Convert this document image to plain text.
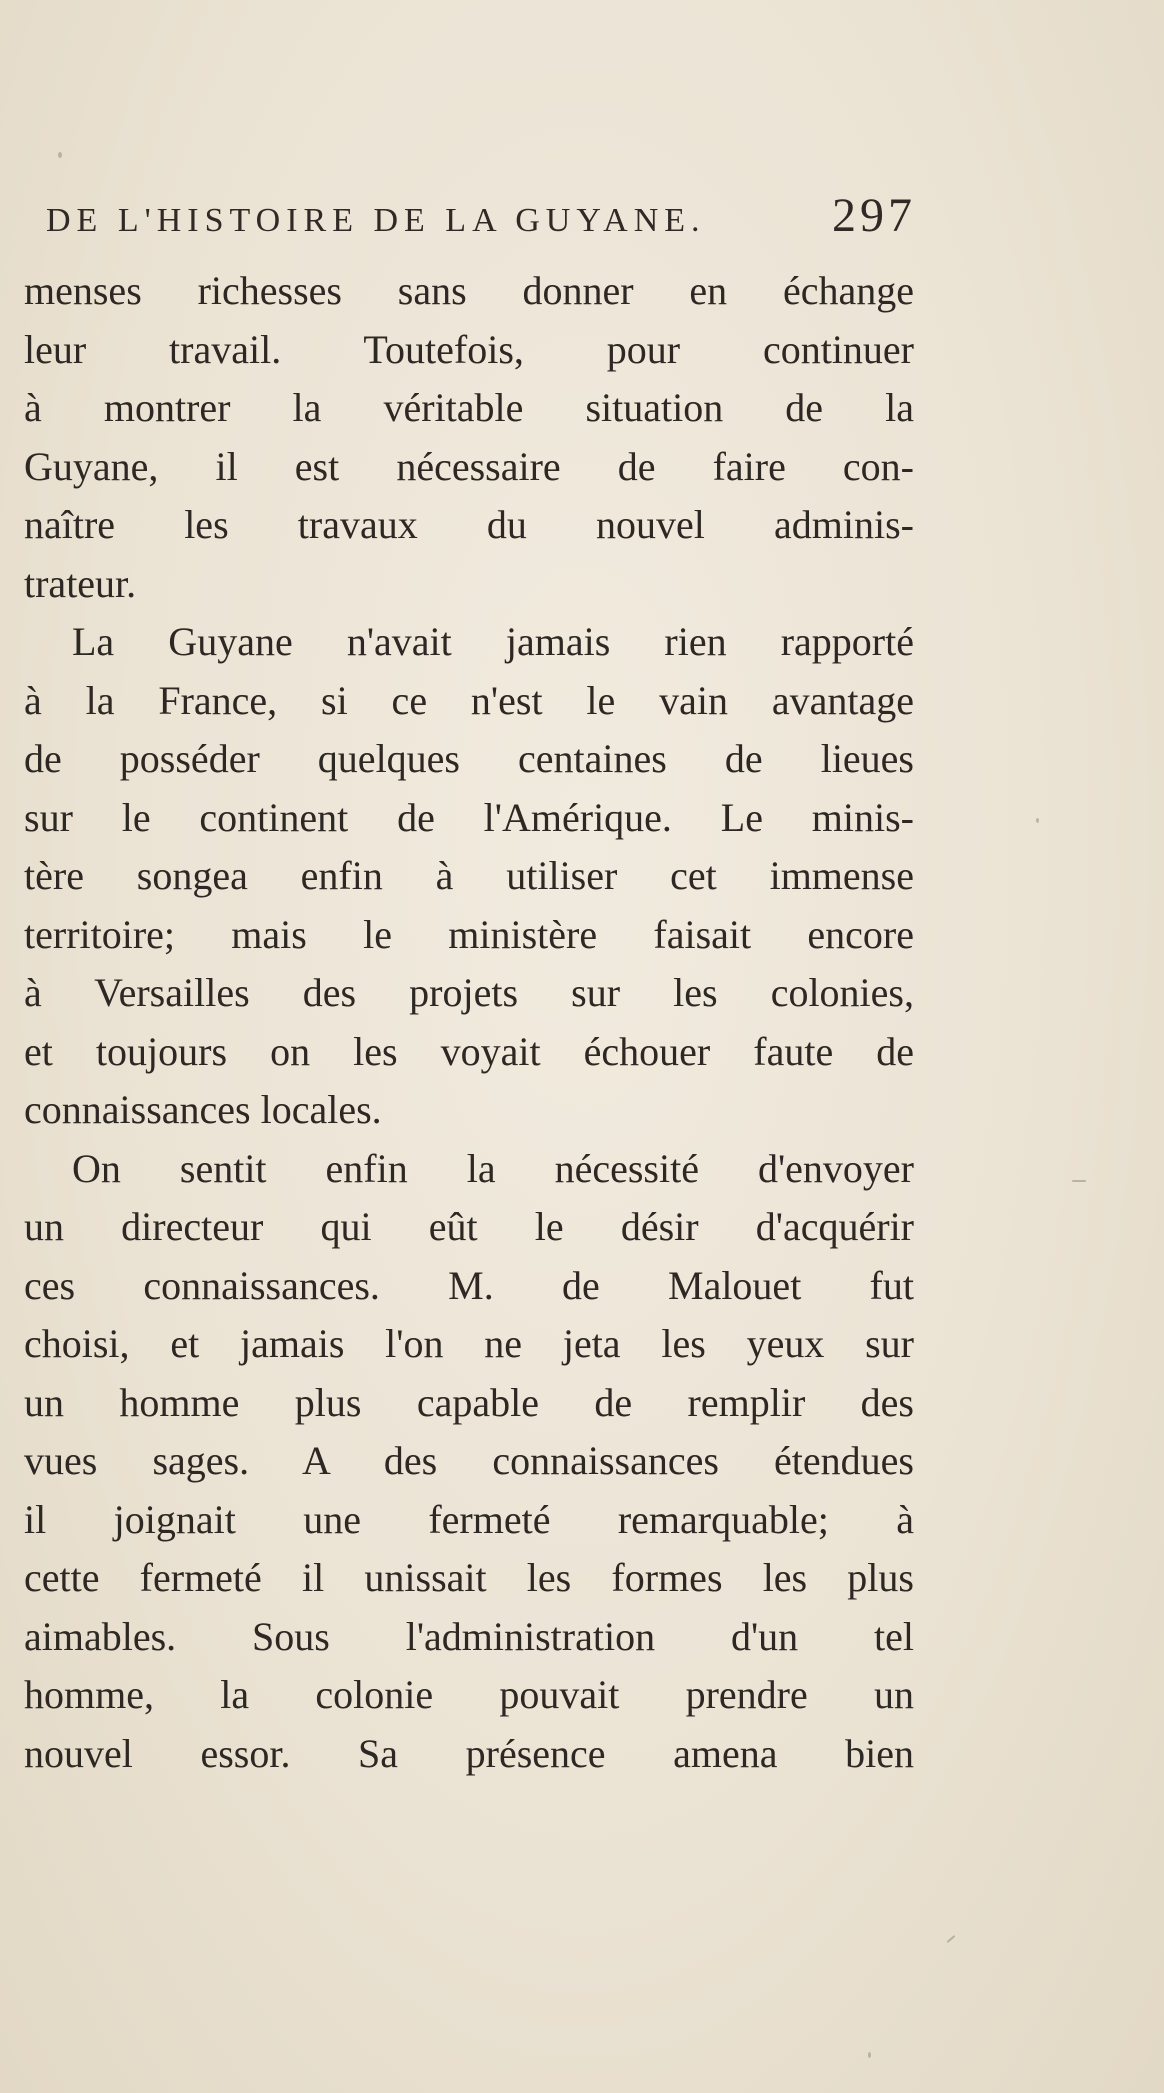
DE L'HISTOIRE DE LA GUYANE.	297
menses richesses sans donner en échange
leur travail. Toutefois, pour continuer
à montrer la véritable situation de la
Guyane, il est nécessaire de faire con-
naître les travaux du nouvel adminis-
trateur.
La Guyane n'avait jamais rien rapporté
à la France, si ce n'est le vain avantage
de posséder quelques centaines de lieues
sur le continent de l'Amérique. Le minis-
tère songea enfin à utiliser cet immense
territoire; mais le ministère faisait encore
à Versailles des projets sur les colonies,
et toujours on les voyait échouer faute de
connaissances locales.
On sentit enfin la nécessité d'envoyer
un directeur qui eût le désir d'acquérir
ces connaissances. M. de Malouet fut
choisi, et jamais l'on ne jeta les yeux sur
un homme plus capable de remplir des
vues sages. A des connaissances étendues
il joignait une fermeté remarquable; à
cette fermeté il unissait les formes les plus
aimables. Sous l'administration d'un tel
homme, la colonie pouvait prendre un
nouvel essor. Sa présence amena bien
